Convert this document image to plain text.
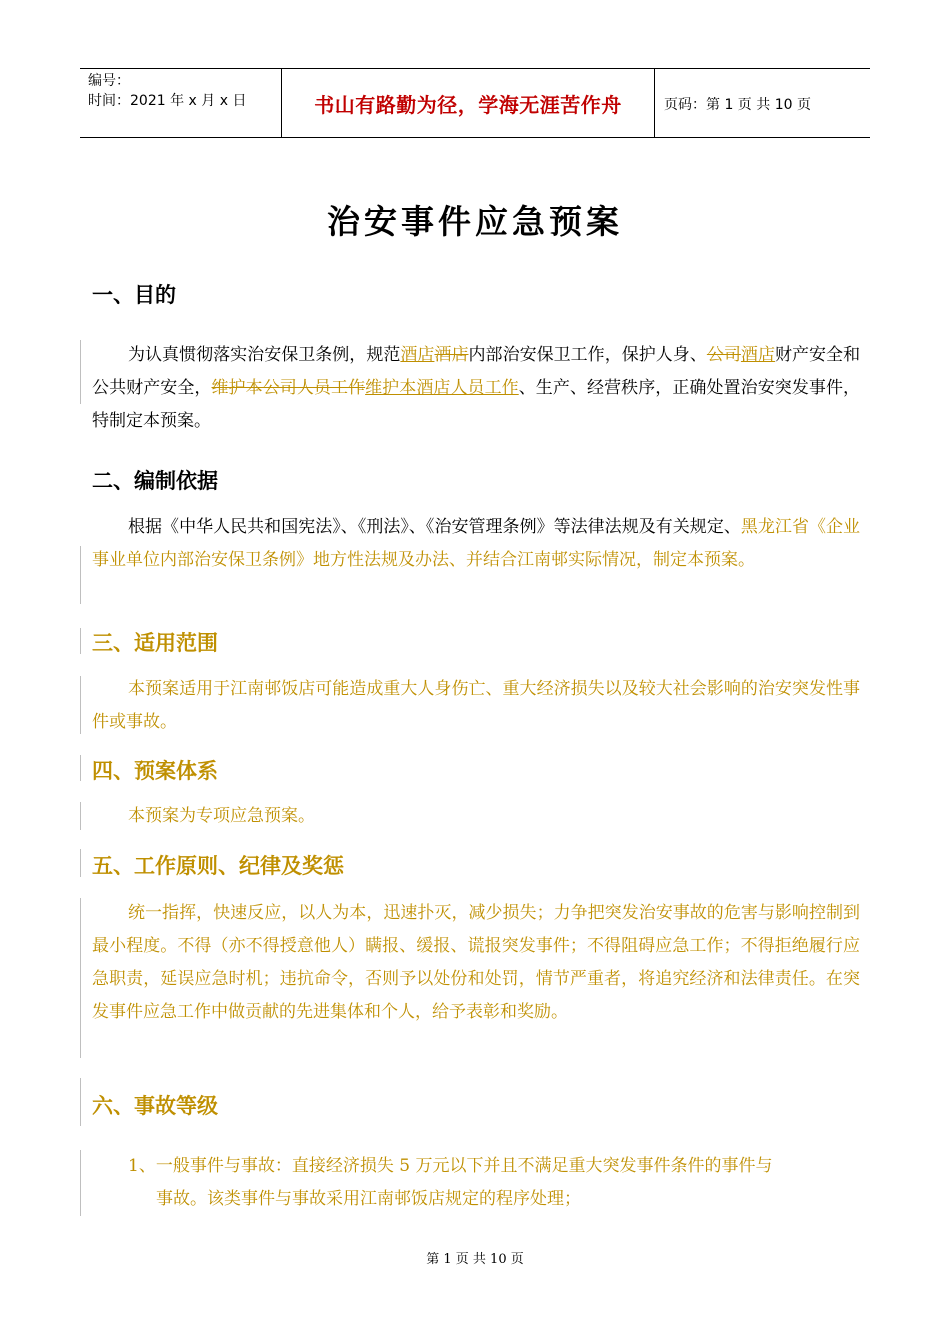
编号：
时间：2021 年 x 月 x 日	书山有路勤为径，学海无涯苦作舟	页码：第 1 页 共 10 页
治安事件应急预案
一、目的
为认真惯彻落实治安保卫条例，规范酒店酒店内部治安保卫工作，保护人身、公司酒店财产安全和公共财产安全，维护本公司人员工作维护本酒店人员工作、生产、经营秩序，正确处置治安突发事件，特制定本预案。
二、编制依据
根据《中华人民共和国宪法》、《刑法》、《治安管理条例》等法律法规及有关规定、黑龙江省《企业事业单位内部治安保卫条例》地方性法规及办法、并结合江南邨实际情况，制定本预案。
三、适用范围
本预案适用于江南邨饭店可能造成重大人身伤亡、重大经济损失以及较大社会影响的治安突发性事件或事故。
四、预案体系
本预案为专项应急预案。
五、工作原则、纪律及奖惩
统一指挥，快速反应，以人为本，迅速扑灭，减少损失；力争把突发治安事故的危害与影响控制到最小程度。不得（亦不得授意他人）瞒报、缓报、谎报突发事件；不得阻碍应急工作；不得拒绝履行应急职责，延误应急时机；违抗命令，否则予以处份和处罚，情节严重者，将追究经济和法律责任。在突发事件应急工作中做贡献的先进集体和个人，给予表彰和奖励。
六、事故等级
1、一般事件与事故：直接经济损失 5 万元以下并且不满足重大突发事件条件的事件与
事故。该类事件与事故采用江南邨饭店规定的程序处理；
第 1 页 共 10 页
